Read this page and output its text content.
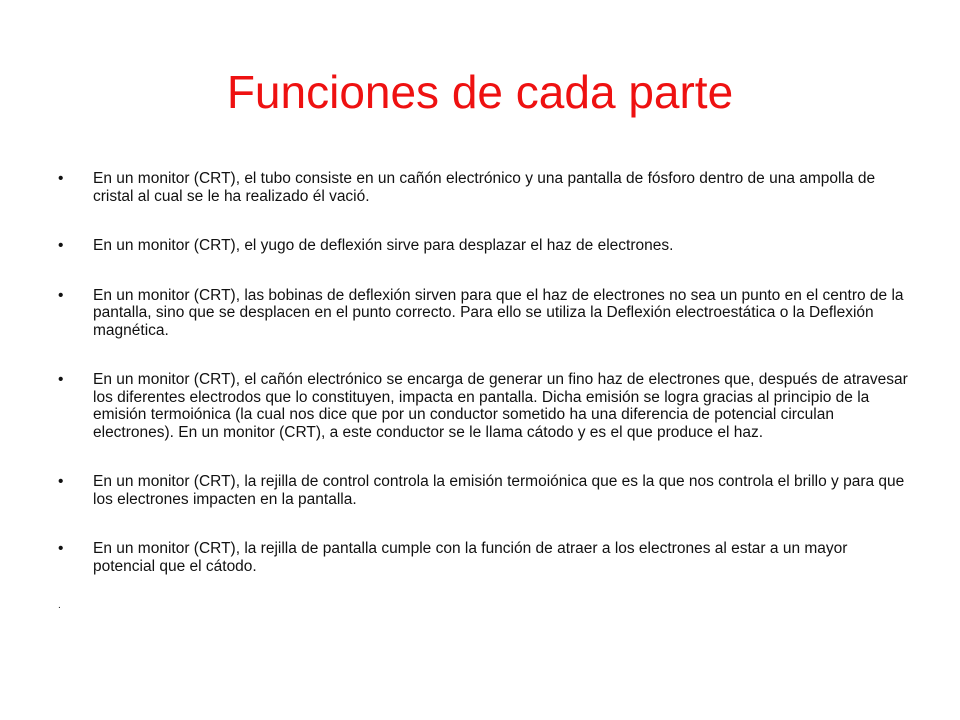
Funciones de cada parte
• En un monitor (CRT), el tubo consiste en un cañón electrónico y una pantalla de fósforo dentro de una ampolla de cristal al cual se le ha realizado él vació.
• En un monitor (CRT), el yugo de deflexión sirve para desplazar el haz de electrones.
• En un monitor (CRT), las bobinas de deflexión sirven para que el haz de electrones no sea un punto en el centro de la pantalla, sino que se desplacen en el punto correcto. Para ello se utiliza la Deflexión electroestática o la Deflexión magnética.
• En un monitor (CRT), el cañón electrónico se encarga de generar un fino haz de electrones que, después de atravesar los diferentes electrodos que lo constituyen, impacta en pantalla. Dicha emisión se logra gracias al principio de la emisión termoiónica (la cual nos dice que por un conductor sometido ha una diferencia de potencial circulan electrones). En un monitor (CRT), a este conductor se le llama cátodo y es el que produce el haz.
• En un monitor (CRT), la rejilla de control controla la emisión termoiónica que es la que nos controla el brillo y para que los electrones impacten en la pantalla.
• En un monitor (CRT), la rejilla de pantalla cumple con la función de atraer a los electrones al estar a un mayor potencial que el cátodo.
.
